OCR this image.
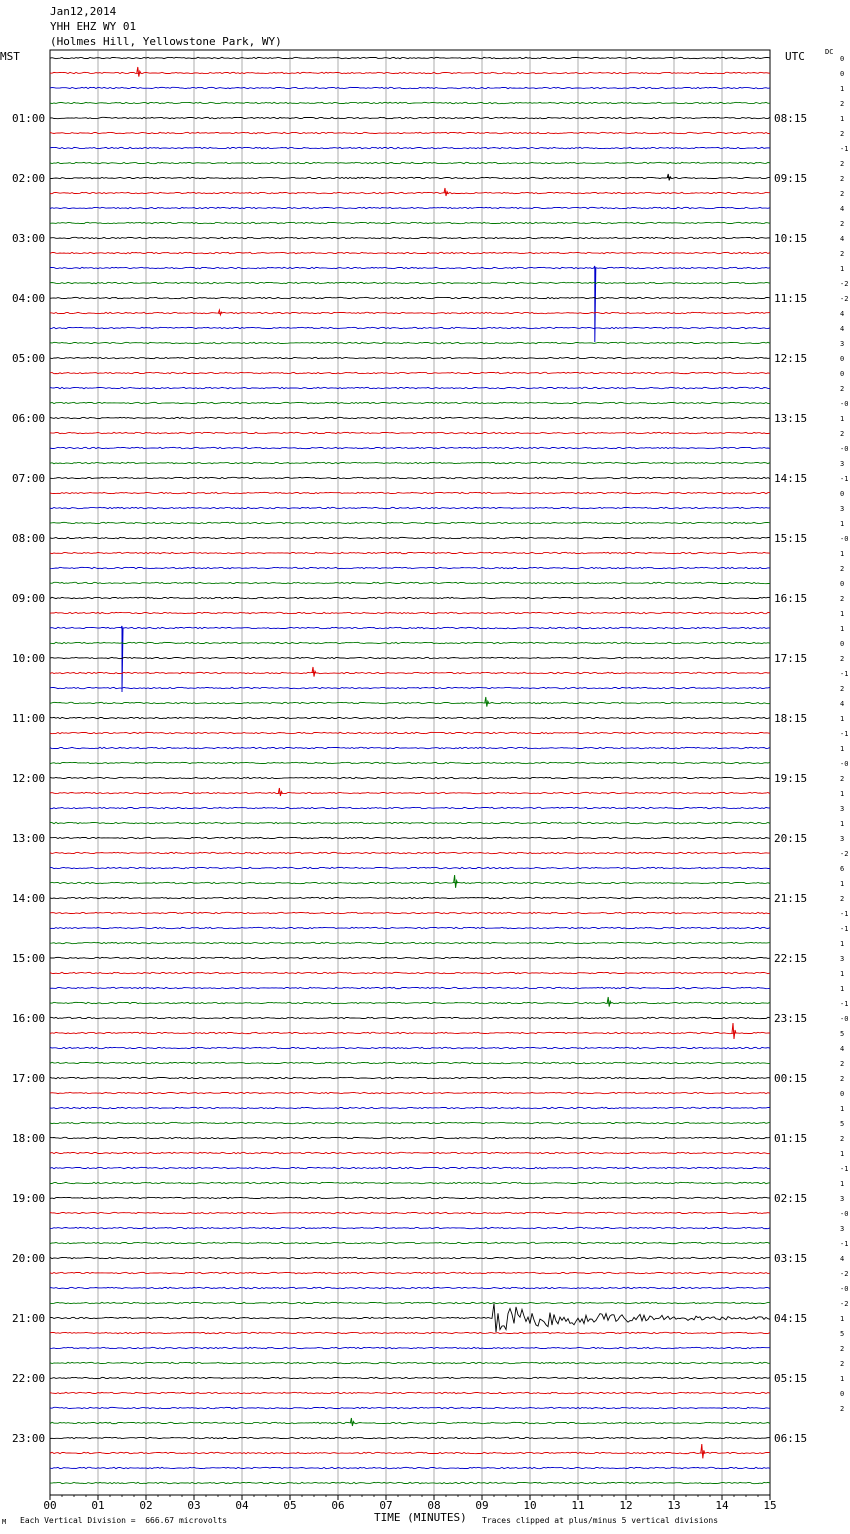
Jan12,2014
YHH EHZ WY 01
(Holmes Hill, Yellowstone Park, WY)
MST	UTC	DC
00	01	02	03	04	05	06	07	08	09	10	11	12	13	14	15
0
0
1
2
1
2
-1
2
2
2
4
2
4
2
1
-2
-2
4
4
3
0
0
2
-0
1
2
-0
3
-1
0
3
1
-0
1
2
0
2
1
1
0
2
-1
2
4
1
-1
1
-0
2
1
3
1
3
-2
6
1
2
-1
-1
1
3
1
1
-1
-0
5
4
2
2
0
1
5
2
1
-1
1
3
-0
3
-1
4
-2
-0
-2
1
5
2
2
1
0
2
01:00
02:00
03:00
04:00
05:00
06:00
07:00
08:00
09:00
10:00
11:00
12:00
13:00
14:00
15:00
16:00
17:00
18:00
19:00
20:00
21:00
22:00
23:00
08:15
09:15
10:15
11:15
12:15
13:15
14:15
15:15
16:15
17:15
18:15
19:15
20:15
21:15
22:15
23:15
00:15
01:15
02:15
03:15
04:15
05:15
06:15
Each Vertical Division =  666.67 microvolts	TIME (MINUTES) Traces clipped at plus/minus 5 vertical divisions
M
